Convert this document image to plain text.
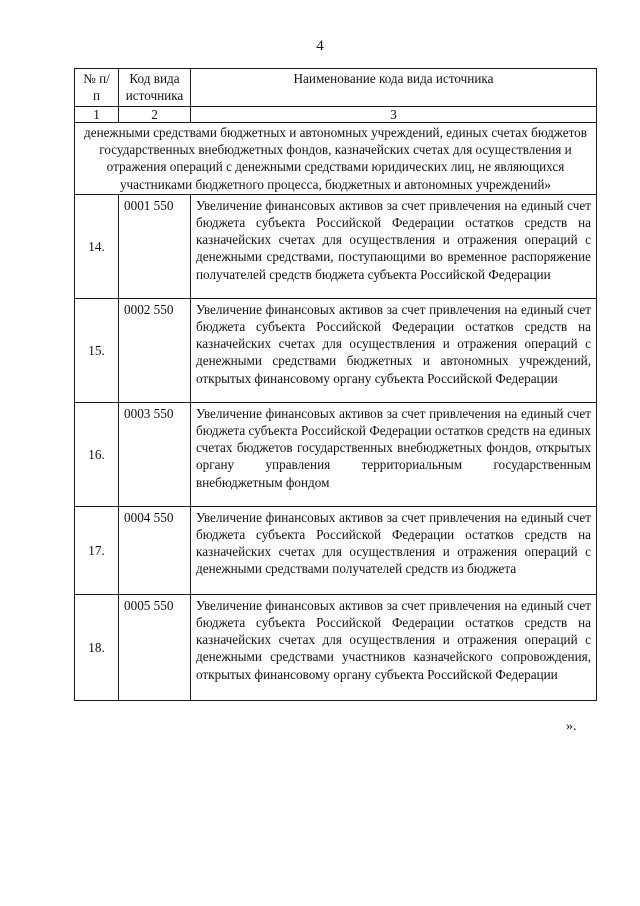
4
№ п/п	Код вида источника	Наименование кода вида источника
1	2	3
денежными средствами бюджетных и автономных учреждений, единых счетах бюджетов государственных внебюджетных фондов, казначейских счетах для осуществления и отражения операций с денежными средствами юридических лиц, не являющихся участниками бюджетного процесса, бюджетных и автономных учреждений»		
14.	0001 550	Увеличение финансовых активов за счет привлечения на единый счет бюджета субъекта Российской Федерации остатков средств на казначейских счетах для осуществления и отражения операций с денежными средствами, поступающими во временное распоряжение получателей средств бюджета субъекта Российской Федерации
15.	0002 550	Увеличение финансовых активов за счет привлечения на единый счет бюджета субъекта Российской Федерации остатков средств на казначейских счетах для осуществления и отражения операций с денежными средствами бюджетных и автономных учреждений, открытых финансовому органу субъекта Российской Федерации
16.	0003 550	Увеличение финансовых активов за счет привлечения на единый счет бюджета субъекта Российской Федерации остатков средств на единых счетах бюджетов государственных внебюджетных фондов, открытых органу управления территориальным государственным внебюджетным фондом
17.	0004 550	Увеличение финансовых активов за счет привлечения на единый счет бюджета субъекта Российской Федерации остатков средств на казначейских счетах для осуществления и отражения операций с денежными средствами получателей средств из бюджета
18.	0005 550	Увеличение финансовых активов за счет привлечения на единый счет бюджета субъекта Российской Федерации остатков средств на казначейских счетах для осуществления и отражения операций с денежными средствами участников казначейского сопровождения, открытых финансовому органу субъекта Российской Федерации
».
